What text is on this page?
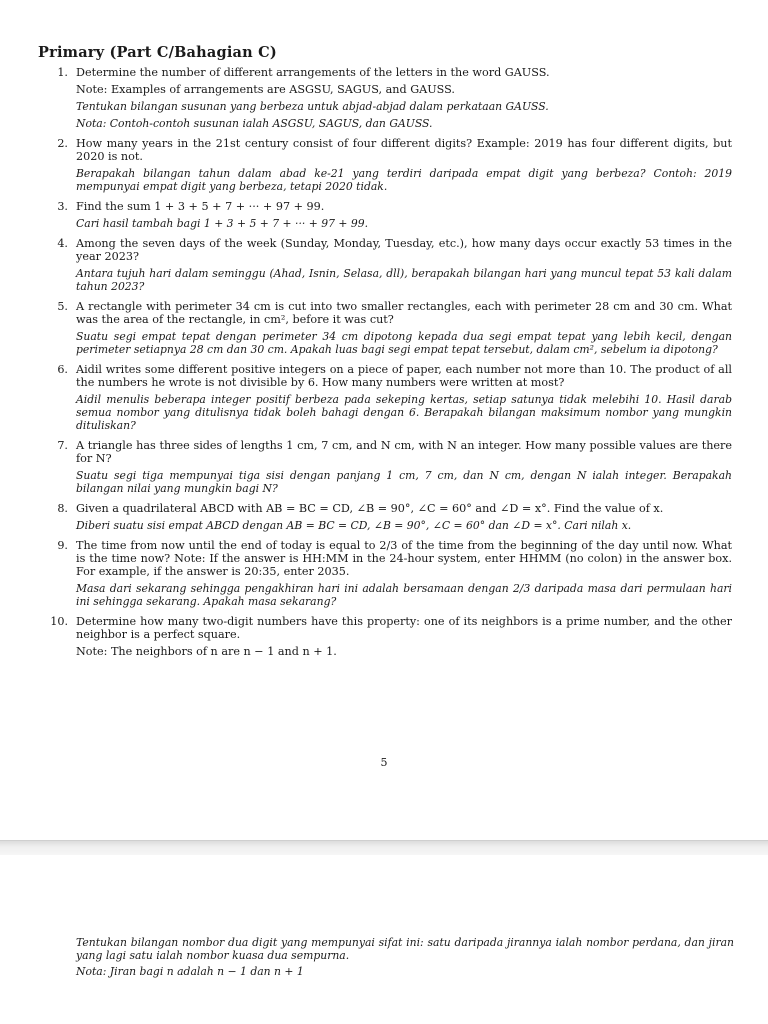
Primary (Part C/Bahagian C)
1. Determine the number of different arrangements of the letters in the word GAUSS.

Note: Examples of arrangements are ASGSU, SAGUS, and GAUSS.

Tentukan bilangan susunan yang berbeza untuk abjad-abjad dalam perkataan GAUSS.

Nota: Contoh-contoh susunan ialah ASGSU, SAGUS, dan GAUSS.

2. How many years in the 21st century consist of four different digits? Example: 2019 has four different digits, but 2020 is not.

Berapakah bilangan tahun dalam abad ke-21 yang terdiri daripada empat digit yang berbeza? Contoh: 2019 mempunyai empat digit yang berbeza, tetapi 2020 tidak.

3. Find the sum 1 + 3 + 5 + 7 + ··· + 97 + 99.

Cari hasil tambah bagi 1 + 3 + 5 + 7 + ··· + 97 + 99.

4. Among the seven days of the week (Sunday, Monday, Tuesday, etc.), how many days occur exactly 53 times in the year 2023?

Antara tujuh hari dalam seminggu (Ahad, Isnin, Selasa, dll), berapakah bilangan hari yang muncul tepat 53 kali dalam tahun 2023?

5. A rectangle with perimeter 34 cm is cut into two smaller rectangles, each with perimeter 28 cm and 30 cm. What was the area of the rectangle, in cm², before it was cut?

Suatu segi empat tepat dengan perimeter 34 cm dipotong kepada dua segi empat tepat yang lebih kecil, dengan perimeter setiapnya 28 cm dan 30 cm. Apakah luas bagi segi empat tepat tersebut, dalam cm², sebelum ia dipotong?

6. Aidil writes some different positive integers on a piece of paper, each number not more than 10. The product of all the numbers he wrote is not divisible by 6. How many numbers were written at most?

Aidil menulis beberapa integer positif berbeza pada sekeping kertas, setiap satunya tidak melebihi 10. Hasil darab semua nombor yang ditulisnya tidak boleh bahagi dengan 6. Berapakah bilangan maksimum nombor yang mungkin dituliskan?

7. A triangle has three sides of lengths 1 cm, 7 cm, and N cm, with N an integer. How many possible values are there for N?

Suatu segi tiga mempunyai tiga sisi dengan panjang 1 cm, 7 cm, dan N cm, dengan N ialah integer. Berapakah bilangan nilai yang mungkin bagi N?

8. Given a quadrilateral ABCD with AB = BC = CD, ∠B = 90°, ∠C = 60° and ∠D = x°. Find the value of x.

Diberi suatu sisi empat ABCD dengan AB = BC = CD, ∠B = 90°, ∠C = 60° dan ∠D = x°. Cari nilah x.

9. The time from now until the end of today is equal to 2/3 of the time from the beginning of the day until now. What is the time now? Note: If the answer is HH:MM in the 24-hour system, enter HHMM (no colon) in the answer box. For example, if the answer is 20:35, enter 2035.

Masa dari sekarang sehingga pengakhiran hari ini adalah bersamaan dengan 2/3 daripada masa dari permulaan hari ini sehingga sekarang. Apakah masa sekarang?

10. Determine how many two-digit numbers have this property: one of its neighbors is a prime number, and the other neighbor is a perfect square.

Note: The neighbors of n are n − 1 and n + 1.

5

Tentukan bilangan nombor dua digit yang mempunyai sifat ini: satu daripada jirannya ialah nombor perdana, dan jiran yang lagi satu ialah nombor kuasa dua sempurna.

Nota: Jiran bagi n adalah n − 1 dan n + 1
